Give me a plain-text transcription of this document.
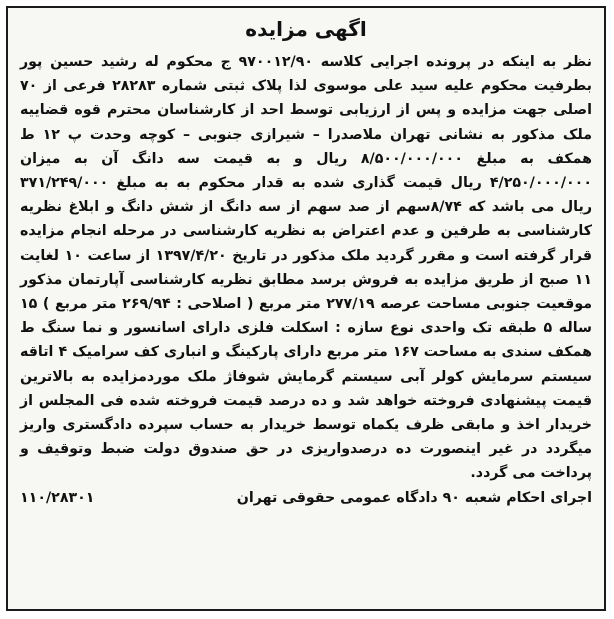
اگهی مزایده

نظر به اینکه در پرونده اجرایی کلاسه ۹۷۰۰۱۲/۹۰ ج محکوم له رشید حسین پور بطرفیت محکوم علیه سید علی موسوی لذا پلاک ثبتی شماره ۲۸۲۸۳ فرعی از ۷۰ اصلی جهت مزایده و پس از ارزیابی توسط احد از کارشناسان محترم قوه قضاییه ملک مذکور به نشانی تهران ملاصدرا – شیرازی جنوبی – کوچه وحدت پ ۱۲ ط همکف به مبلغ ۸/۵۰۰/۰۰۰/۰۰۰ ریال و به قیمت سه دانگ آن به میزان ۴/۲۵۰/۰۰۰/۰۰۰ ریال قیمت گذاری شده به قدار محکوم به به مبلغ ۳۷۱/۲۴۹/۰۰۰ ریال می باشد که ۸/۷۴سهم از صد سهم از سه دانگ از شش دانگ و ابلاغ نظریه کارشناسی به طرفین و عدم اعتراض به نظریه کارشناسی در مرحله انجام مزایده قرار گرفته است و مقرر گردید ملک مذکور در تاریخ ۱۳۹۷/۴/۲۰ از ساعت ۱۰ لغایت ۱۱ صبح از طریق مزایده به فروش برسد مطابق نظریه کارشناسی آپارتمان مذکور موقعیت جنوبی مساحت عرصه ۲۷۷/۱۹ متر مربع ( اصلاحی : ۲۶۹/۹۴ متر مربع ) ۱۵ ساله ۵ طبقه تک واحدی نوع سازه : اسکلت فلزی دارای اسانسور و نما سنگ ط همکف سندی به مساحت ۱۶۷ متر مربع دارای پارکینگ و انباری کف سرامیک ۴ اتاقه سیستم سرمایش کولر آبی سیستم گرمایش شوفاژ ملک موردمزایده به بالاترین قیمت پیشنهادی فروخته خواهد شد و ده درصد قیمت فروخته شده فی المجلس از خریدار اخذ و مابقی ظرف یکماه توسط خریدار به حساب سپرده دادگستری واریز میگردد در غیر اینصورت ده درصدواریزی در حق صندوق دولت ضبط وتوقیف و پرداخت می گردد.

اجرای احکام شعبه ۹۰ دادگاه عمومی حقوقی تهران
۱۱۰/۲۸۳۰۱
